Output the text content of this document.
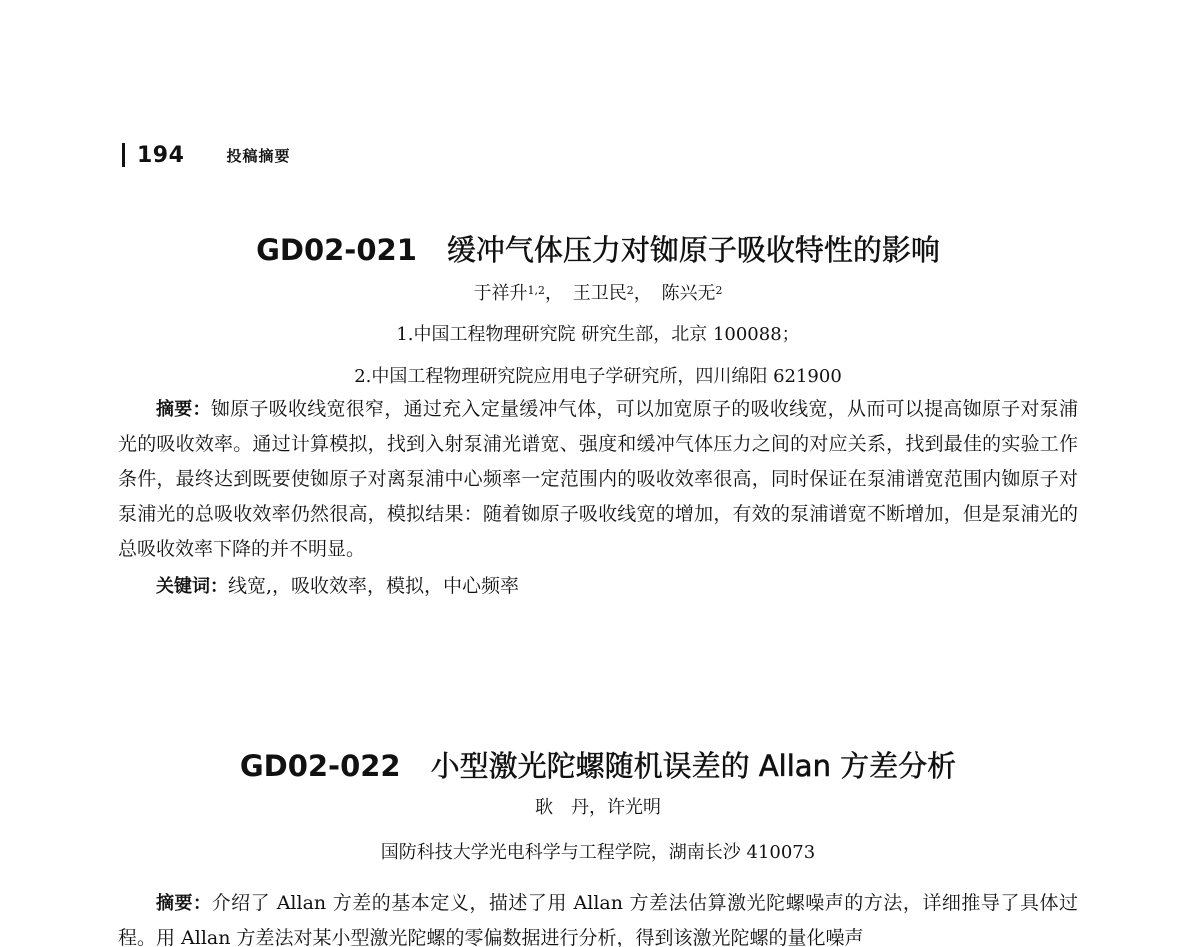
194	投稿摘要
GD02-021 缓冲气体压力对铷原子吸收特性的影响
于祥升$^{1,2}$， 王卫民$^2$， 陈兴无$^2$
1.中国工程物理研究院 研究生部，北京 100088；
2.中国工程物理研究院应用电子学研究所，四川绵阳 621900
摘要：铷原子吸收线宽很窄，通过充入定量缓冲气体，可以加宽原子的吸收线宽，从而可以提高铷原子对泵浦光的吸收效率。通过计算模拟，找到入射泵浦光谱宽、强度和缓冲气体压力之间的对应关系，找到最佳的实验工作条件，最终达到既要使铷原子对离泵浦中心频率一定范围内的吸收效率很高，同时保证在泵浦谱宽范围内铷原子对泵浦光的总吸收效率仍然很高，模拟结果：随着铷原子吸收线宽的增加，有效的泵浦谱宽不断增加，但是泵浦光的总吸收效率下降的并不明显。
关键词：线宽,，吸收效率，模拟，中心频率
GD02-022 小型激光陀螺随机误差的 Allan 方差分析
耿　丹，许光明
国防科技大学光电科学与工程学院，湖南长沙 410073
摘要：介绍了 Allan 方差的基本定义，描述了用 Allan 方差法估算激光陀螺噪声的方法，详细推导了具体过程。用 Allan 方差法对某小型激光陀螺的零偏数据进行分析，得到该激光陀螺的量化噪声
